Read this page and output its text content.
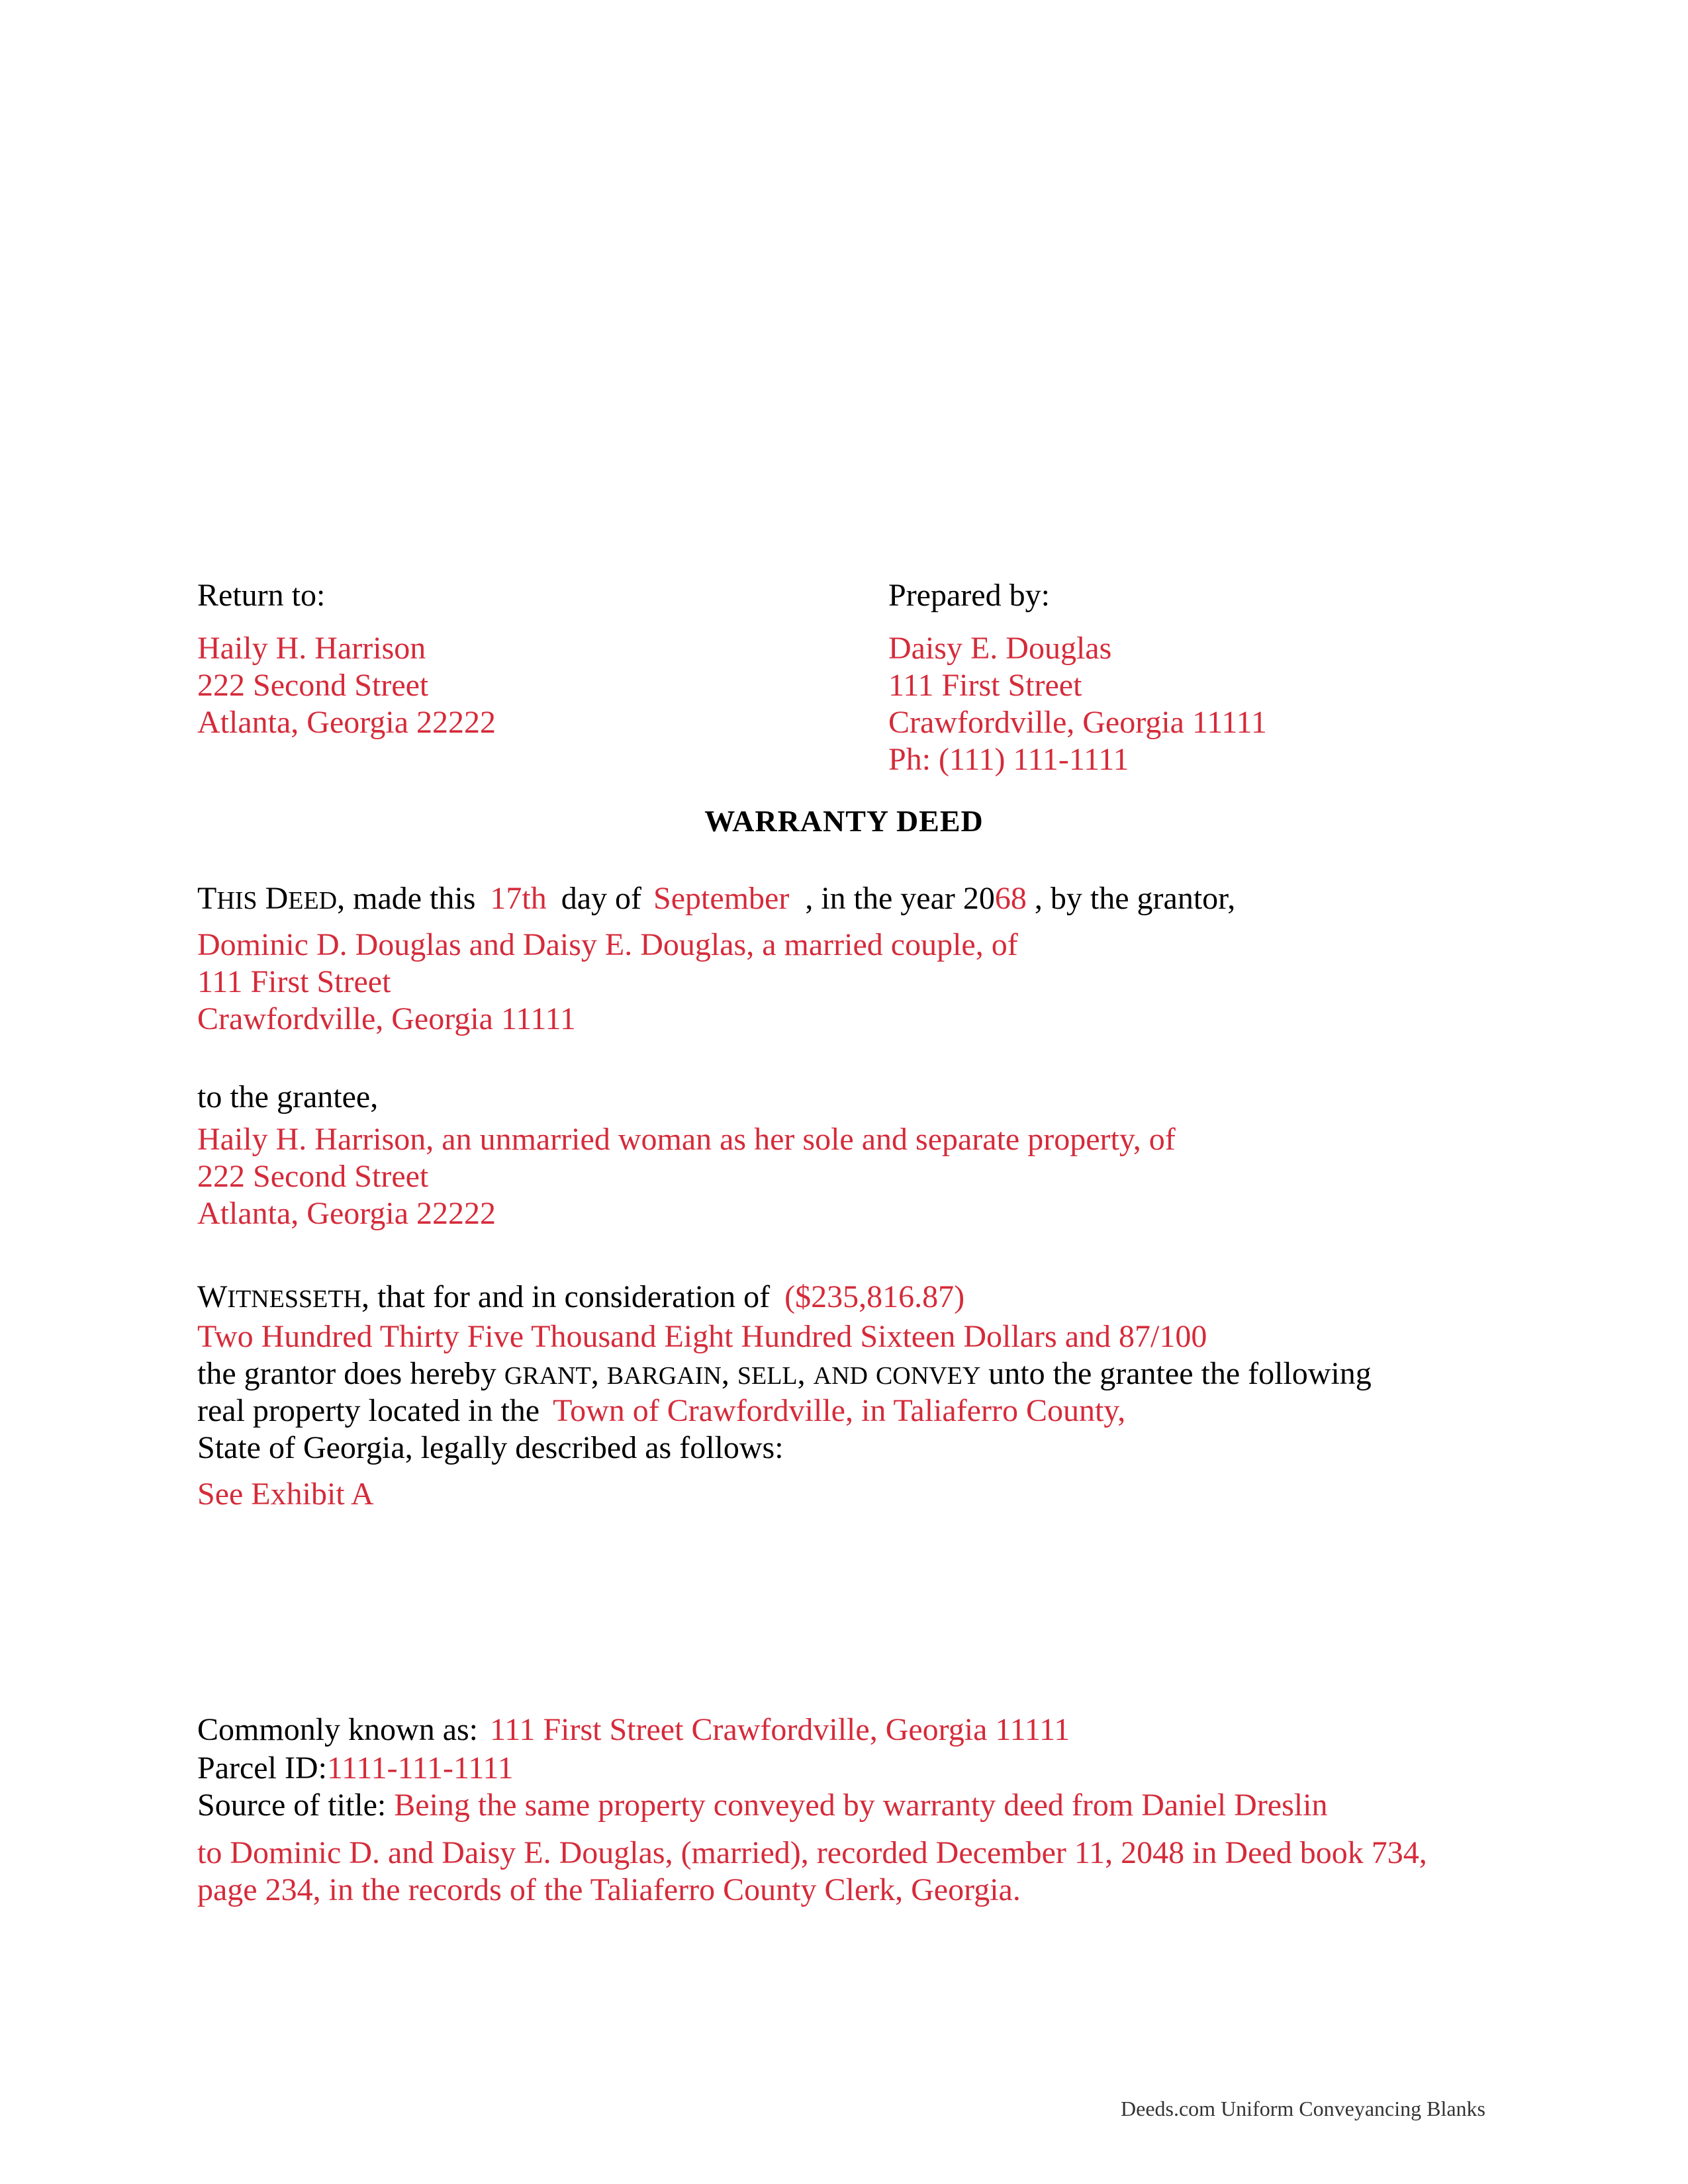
Return to:
Haily H. Harrison
222 Second Street
Atlanta, Georgia 22222
Prepared by:
Daisy E. Douglas
111 First Street
Crawfordville, Georgia 11111
Ph: (111) 111-1111
WARRANTY DEED
THIS DEED, made this 17th day of September , in the year 2068 , by the grantor,
Dominic D. Douglas and Daisy E. Douglas, a married couple, of
111 First Street
Crawfordville, Georgia 11111
to the grantee,
Haily H. Harrison, an unmarried woman as her sole and separate property, of
222 Second Street
Atlanta, Georgia 22222
WITNESSETH, that for and in consideration of ($235,816.87)
Two Hundred Thirty Five Thousand Eight Hundred Sixteen Dollars and 87/100
the grantor does hereby GRANT, BARGAIN, SELL, AND CONVEY unto the grantee the following
real property located in the Town of Crawfordville, in Taliaferro County,
State of Georgia, legally described as follows:
See Exhibit A
Commonly known as: 111 First Street Crawfordville, Georgia 11111
Parcel ID:1111-111-1111
Source of title: Being the same property conveyed by warranty deed from Daniel Dreslin
to Dominic D. and Daisy E. Douglas, (married), recorded December 11, 2048 in Deed book 734,
page 234, in the records of the Taliaferro County Clerk, Georgia.
Deeds.com Uniform Conveyancing Blanks
